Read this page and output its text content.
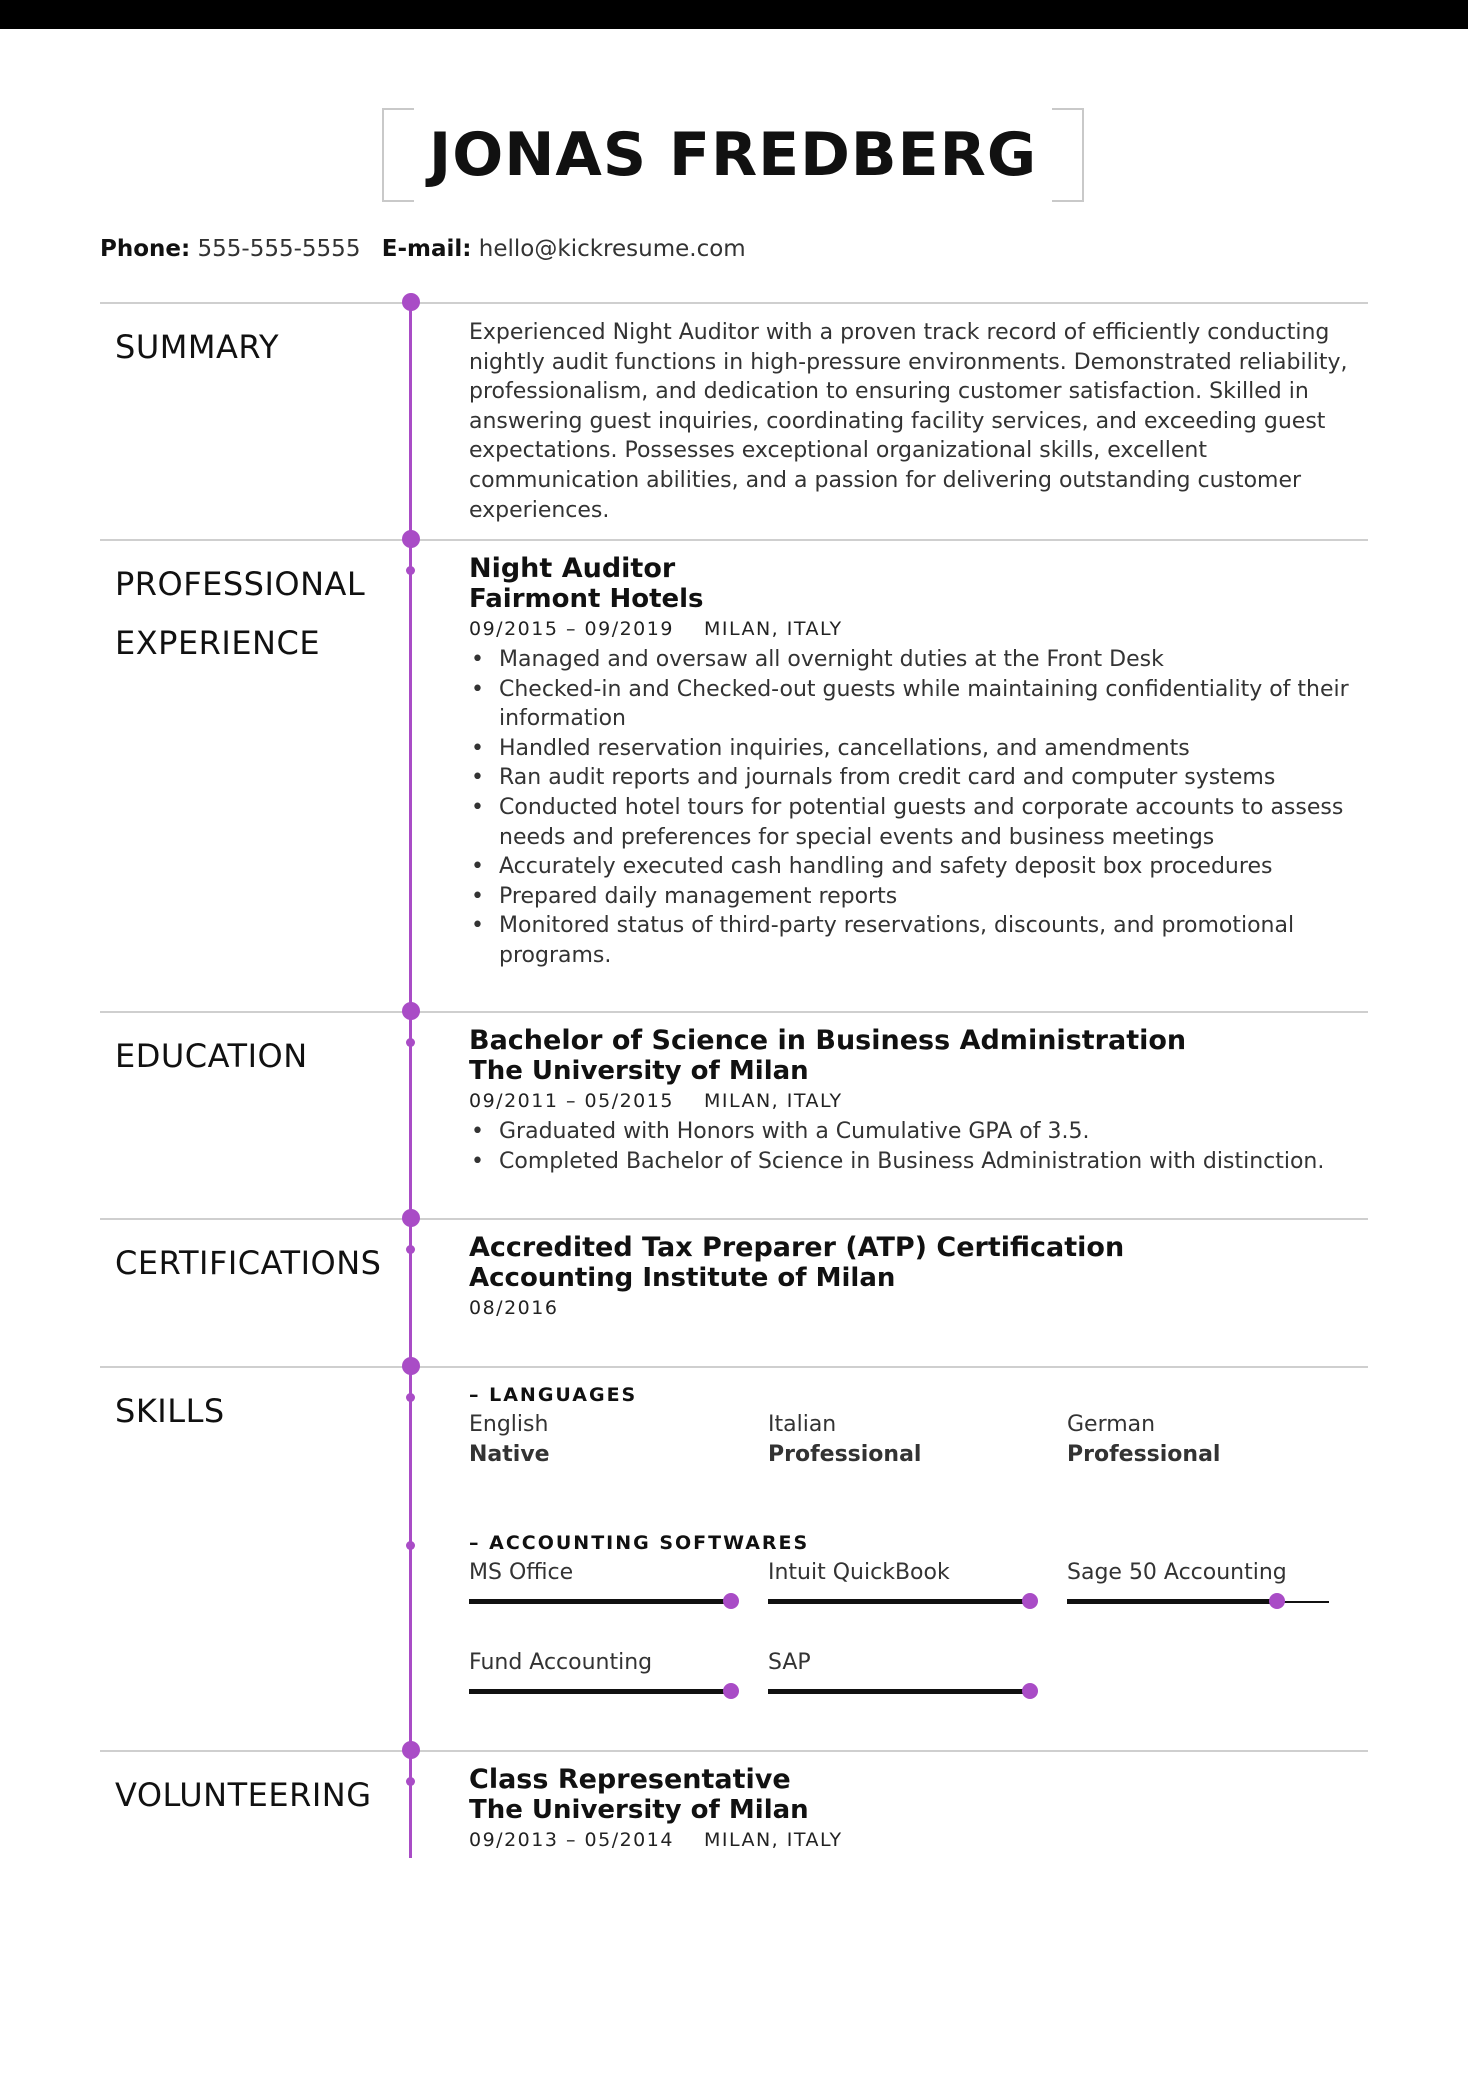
JONAS FREDBERG
Phone: 555-555-5555 E-mail: hello@kickresume.com
SUMMARY	Experienced Night Auditor with a proven track record of efficiently conducting nightly audit functions in high-pressure environments. Demonstrated reliability, professionalism, and dedication to ensuring customer satisfaction. Skilled in answering guest inquiries, coordinating facility services, and exceeding guest expectations. Possesses exceptional organizational skills, excellent communication abilities, and a passion for delivering outstanding customer experiences.

PROFESSIONAL
EXPERIENCE
Night Auditor
Fairmont Hotels
09/2015 – 09/2019 MILAN, ITALY
• Managed and oversaw all overnight duties at the Front Desk
• Checked-in and Checked-out guests while maintaining confidentiality of their information
• Handled reservation inquiries, cancellations, and amendments
• Ran audit reports and journals from credit card and computer systems
• Conducted hotel tours for potential guests and corporate accounts to assess needs and preferences for special events and business meetings
• Accurately executed cash handling and safety deposit box procedures
• Prepared daily management reports
• Monitored status of third-party reservations, discounts, and promotional programs.
EDUCATION	Bachelor of Science in Business Administration
The University of Milan
09/2011 – 05/2015 MILAN, ITALY
• Graduated with Honors with a Cumulative GPA of 3.5.
• Completed Bachelor of Science in Business Administration with distinction.
CERTIFICATIONS	Accredited Tax Preparer (ATP) Certification
Accounting Institute of Milan
08/2016
SKILLS	– LANGUAGES
English
Native
Italian
Professional
German
Professional
– ACCOUNTING SOFTWARES
MS Office	Intuit QuickBook	Sage 50 Accounting
Fund Accounting	SAP
VOLUNTEERING	Class Representative
The University of Milan
09/2013 – 05/2014 MILAN, ITALY
